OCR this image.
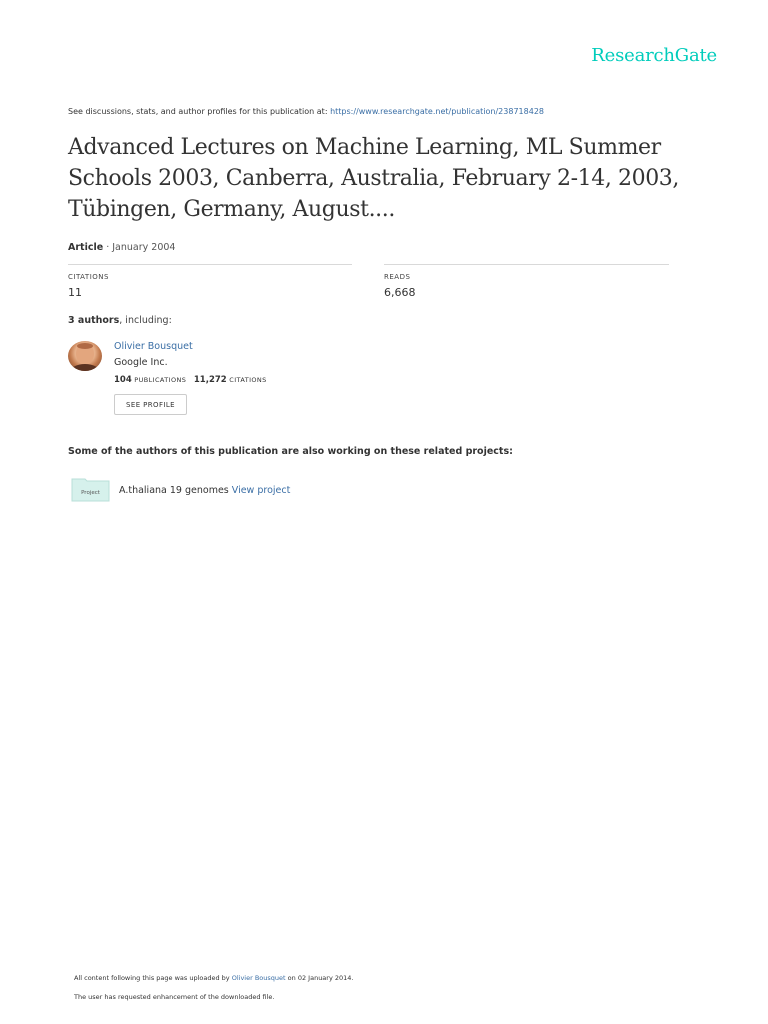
ResearchGate
See discussions, stats, and author profiles for this publication at: https://www.researchgate.net/publication/238718428
Advanced Lectures on Machine Learning, ML Summer Schools 2003, Canberra, Australia, February 2-14, 2003, Tübingen, Germany, August....
Article · January 2004
CITATIONS
11
READS
6,668
3 authors, including:
Olivier Bousquet
Google Inc.
104 PUBLICATIONS 11,272 CITATIONS
SEE PROFILE
Some of the authors of this publication are also working on these related projects:
Project A.thaliana 19 genomes View project
All content following this page was uploaded by Olivier Bousquet on 02 January 2014.
The user has requested enhancement of the downloaded file.
